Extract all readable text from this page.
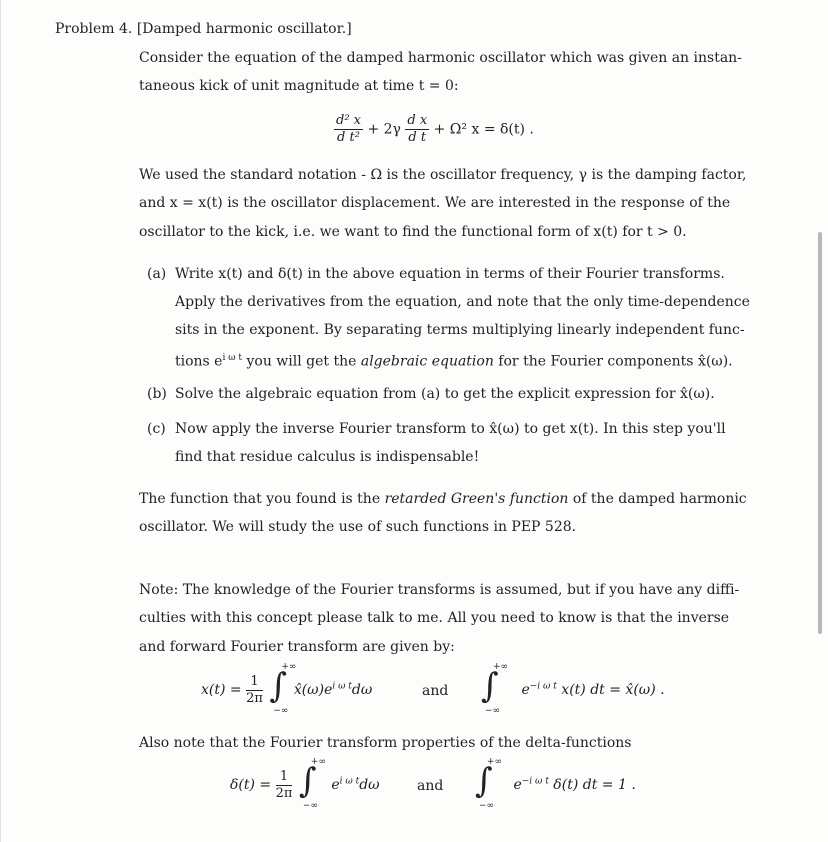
Problem 4. [Damped harmonic oscillator.]
Consider the equation of the damped harmonic oscillator which was given an instan-
taneous kick of unit magnitude at time t = 0:
$\frac{\text{d² x}}{\text{d t²}} + 2\gamma \frac{\text{d x}}{\text{d t}} + \Omega^2$ x = δ(t) .
We used the standard notation - Ω is the oscillator frequency, γ is the damping factor,
and x = x(t) is the oscillator displacement. We are interested in the response of the
oscillator to the kick, i.e. we want to find the functional form of x(t) for t > 0.
(a) Write x(t) and δ(t) in the above equation in terms of their Fourier transforms.
Apply the derivatives from the equation, and note that the only time-dependence
sits in the exponent. By separating terms multiplying linearly independent func-
tions $e^{i \omega t}$ you will get the algebraic equation for the Fourier components x̂(ω).
(b) Solve the algebraic equation from (a) to get the explicit expression for x̂(ω).
(c) Now apply the inverse Fourier transform to x̂(ω) to get x(t). In this step you'll
find that residue calculus is indispensable!
The function that you found is the retarded Green's function of the damped harmonic
oscillator. We will study the use of such functions in PEP 528.
Note: The knowledge of the Fourier transforms is assumed, but if you have any diffi-
culties with this concept please talk to me. All you need to know is that the inverse
and forward Fourier transform are given by:
$x(t) = \frac{1}{2\pi}$
∫
+∞
−∞
$x̂(\omega)e^{i \omega t}d\omega$	and ∫
+∞
−∞
$e^{-i \omega t}$ x(t) dt = x̂(ω) .
Also note that the Fourier transform properties of the delta-functions
$\delta(t) = \frac{1}{2\pi}$
∫
+∞
−∞
$e^{i \omega t}d\omega$	and ∫
+∞
−∞
$e^{-i \omega t}$ δ(t) dt = 1 .
